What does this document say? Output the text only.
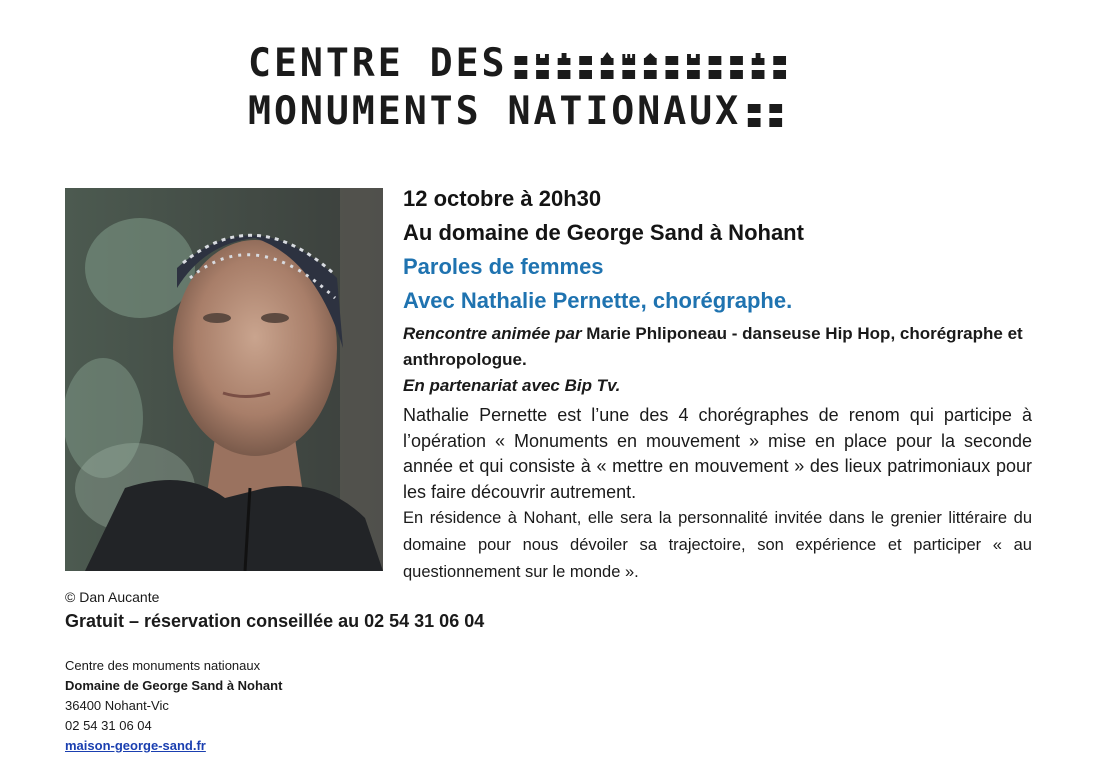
CENTRE DES
MONUMENTS NATIONAUX
© Dan Aucante
Gratuit – réservation conseillée au 02 54 31 06 04
12 octobre à 20h30
Au domaine de George Sand à Nohant
Paroles de femmes
Avec Nathalie Pernette, chorégraphe.
Rencontre animée par Marie Phliponeau - danseuse Hip Hop, chorégraphe et anthropologue.
En partenariat avec Bip Tv.
Nathalie Pernette est l’une des 4 chorégraphes de renom qui participe à l’opération « Monuments en mouvement » mise en place pour la seconde année et qui consiste à « mettre en mouvement » des lieux patrimoniaux pour les faire découvrir autrement.
En résidence à Nohant, elle sera la personnalité invitée dans le grenier littéraire du domaine pour nous dévoiler sa trajectoire, son expérience et participer « au questionnement sur le monde ».
Centre des monuments nationaux
Domaine de George Sand à Nohant
36400 Nohant-Vic
02 54 31 06 04
maison-george-sand.fr
